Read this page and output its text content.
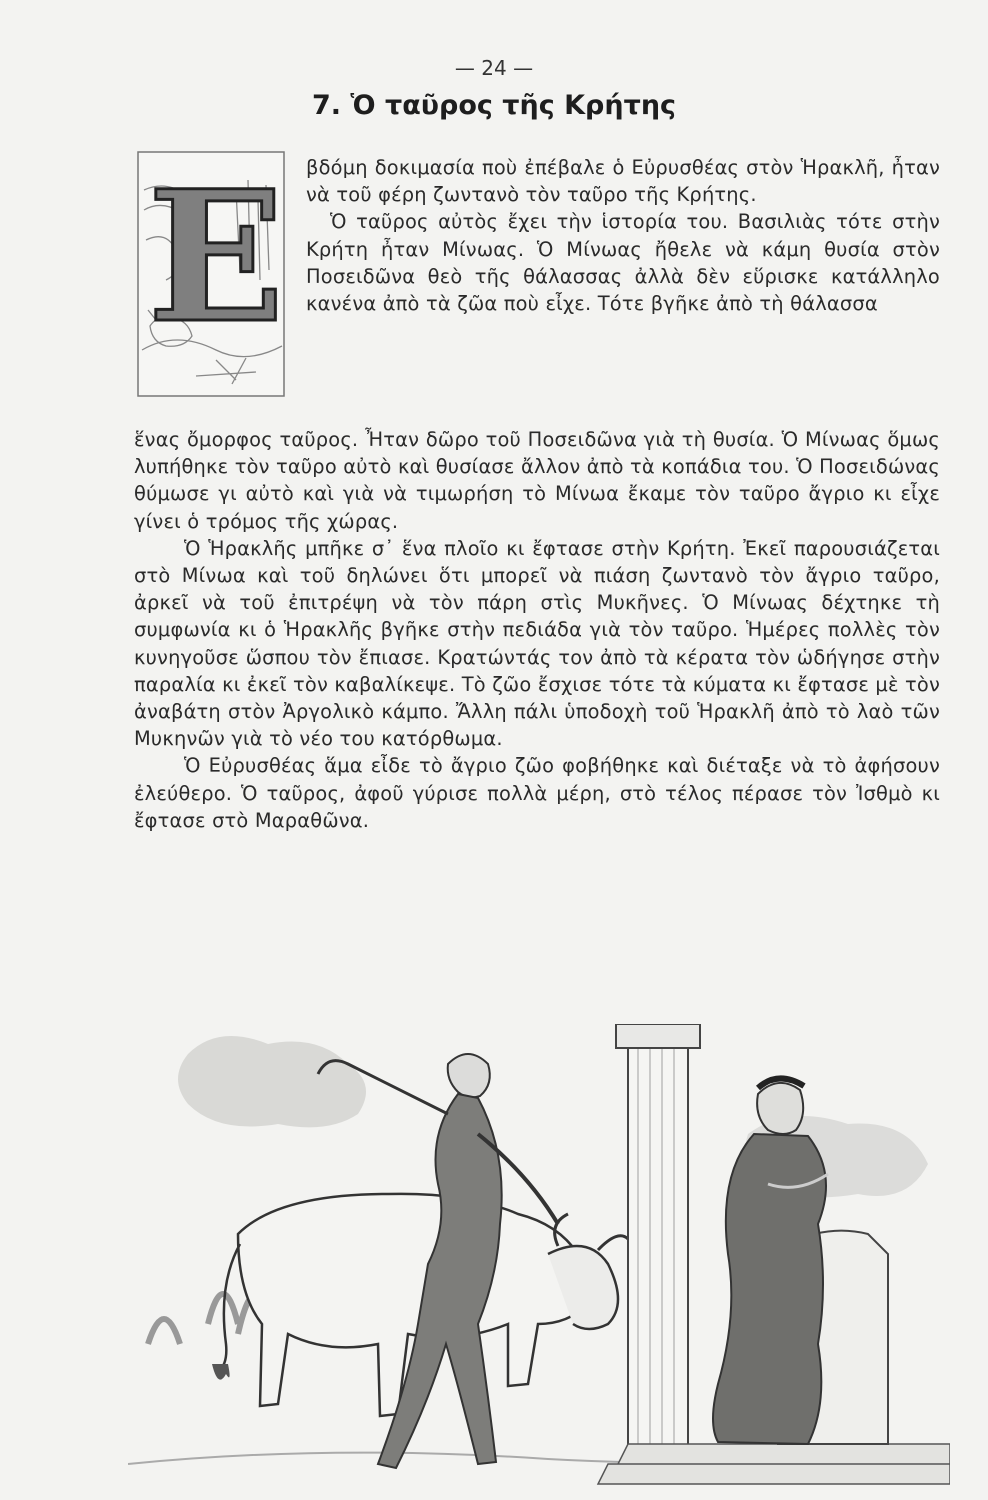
— 24 —
7. Ὁ ταῦρος τῆς Κρήτης
Ε βδόμη δοκιμασία ποὺ ἐπέβαλε ὁ Εὐρυσθέας στὸν Ἡρακλῆ, ἦταν νὰ τοῦ φέρη ζωντανὸ τὸν ταῦρο τῆς Κρήτης.

Ὁ ταῦρος αὐτὸς ἔχει τὴν ἱστορία του. Βασιλιὰς τότε στὴν Κρήτη ἦταν Μίνωας. Ὁ Μίνωας ἤθελε νὰ κάμη θυσία στὸν Ποσειδῶνα θεὸ τῆς θάλασσας ἀλλὰ δὲν εὕρισκε κατάλληλο κανένα ἀπὸ τὰ ζῶα ποὺ εἶχε. Τότε βγῆκε ἀπὸ τὴ θάλασσα

ἕνας ὄμορφος ταῦρος. Ἦταν δῶρο τοῦ Ποσειδῶνα γιὰ τὴ θυσία. Ὁ Μίνωας ὅμως λυπήθηκε τὸν ταῦρο αὐτὸ καὶ θυσίασε ἄλλον ἀπὸ τὰ κοπάδια του. Ὁ Ποσειδώνας θύμωσε γι αὐτὸ καὶ γιὰ νὰ τιμωρήση τὸ Μίνωα ἔκαμε τὸν ταῦρο ἄγριο κι εἶχε γίνει ὁ τρόμος τῆς χώρας.

Ὁ Ἡρακλῆς μπῆκε σ᾿ ἕνα πλοῖο κι ἔφτασε στὴν Κρήτη. Ἐκεῖ παρουσιάζεται στὸ Μίνωα καὶ τοῦ δηλώνει ὅτι μπορεῖ νὰ πιάση ζωντανὸ τὸν ἄγριο ταῦρο, ἀρκεῖ νὰ τοῦ ἐπιτρέψη νὰ τὸν πάρη στὶς Μυκῆνες. Ὁ Μίνωας δέχτηκε τὴ συμφωνία κι ὁ Ἡρακλῆς βγῆκε στὴν πεδιάδα γιὰ τὸν ταῦρο. Ἡμέρες πολλὲς τὸν κυνηγοῦσε ὥσπου τὸν ἔπιασε. Κρατώντάς τον ἀπὸ τὰ κέρατα τὸν ὡδήγησε στὴν παραλία κι ἐκεῖ τὸν καβαλίκεψε. Τὸ ζῶο ἔσχισε τότε τὰ κύματα κι ἔφτασε μὲ τὸν ἀναβάτη στὸν Ἀργολικὸ κάμπο. Ἄλλη πάλι ὑποδοχὴ τοῦ Ἡρακλῆ ἀπὸ τὸ λαὸ τῶν Μυκηνῶν γιὰ τὸ νέο του κατόρθωμα.

Ὁ Εὐρυσθέας ἅμα εἶδε τὸ ἄγριο ζῶο φοβήθηκε καὶ διέταξε νὰ τὸ ἀφήσουν ἐλεύθερο. Ὁ ταῦρος, ἀφοῦ γύρισε πολλὰ μέρη, στὸ τέλος πέρασε τὸν Ἰσθμὸ κι ἔφτασε στὸ Μαραθῶνα.
